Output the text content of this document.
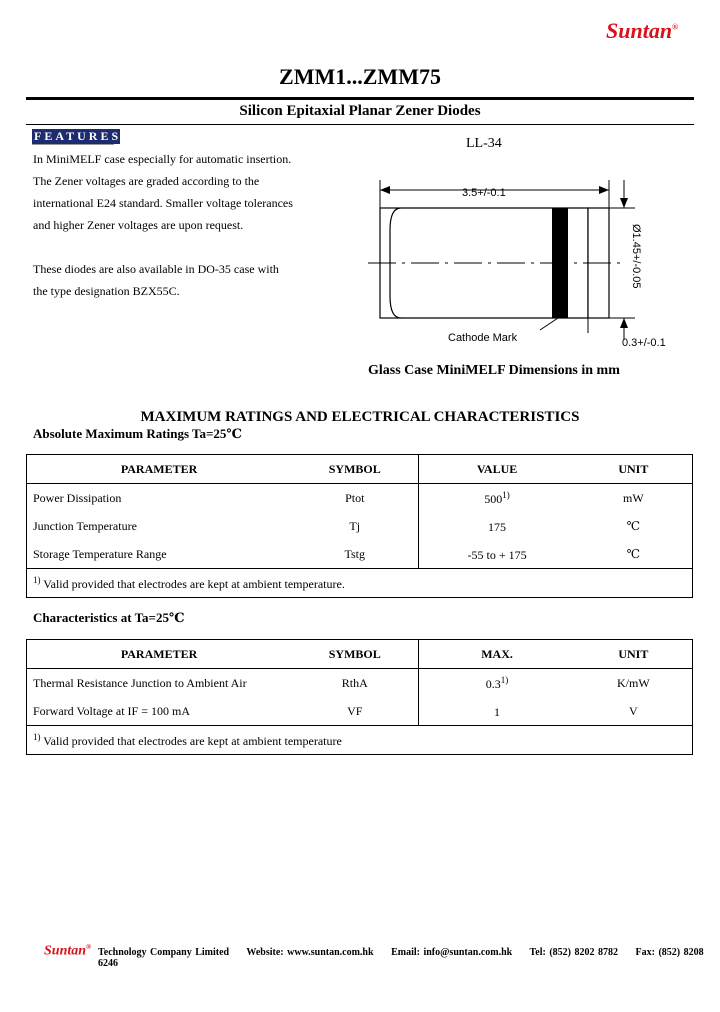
Suntan®
ZMM1...ZMM75
Silicon Epitaxial Planar Zener Diodes
FEATURES

In MiniMELF case especially for automatic insertion.

The Zener voltages are graded according to the

international E24 standard. Smaller voltage tolerances

and higher Zener voltages are upon request.

These diodes are also available in DO-35 case with

the type designation BZX55C.

LL-34
3.5+/-0.1
Ø1.45+/-0.05
Cathode Mark	0.3+/-0.1
Glass Case MiniMELF Dimensions in mm
MAXIMUM RATINGS AND ELECTRICAL CHARACTERISTICS
Absolute Maximum Ratings Ta=25℃
PARAMETER	SYMBOL	VALUE	UNIT
Power Dissipation	Ptot	500$^{1)}$	mW
Junction Temperature	Tj	175	℃
Storage Temperature Range	Tstg	-55 to + 175	℃
$^{1)}$ Valid provided that electrodes are kept at ambient temperature.			
Characteristics at Ta=25℃
PARAMETER	SYMBOL	MAX.	UNIT
Thermal Resistance Junction to Ambient Air	RthA	0.3$^{1)}$	K/mW
Forward Voltage at IF = 100 mA	VF	1	V
$^{1)}$ Valid provided that electrodes are kept at ambient temperature			
Suntan® Technology Company Limited Website: www.suntan.com.hk Email: info@suntan.com.hk Tel: (852) 8202 8782 Fax: (852) 8208 6246
